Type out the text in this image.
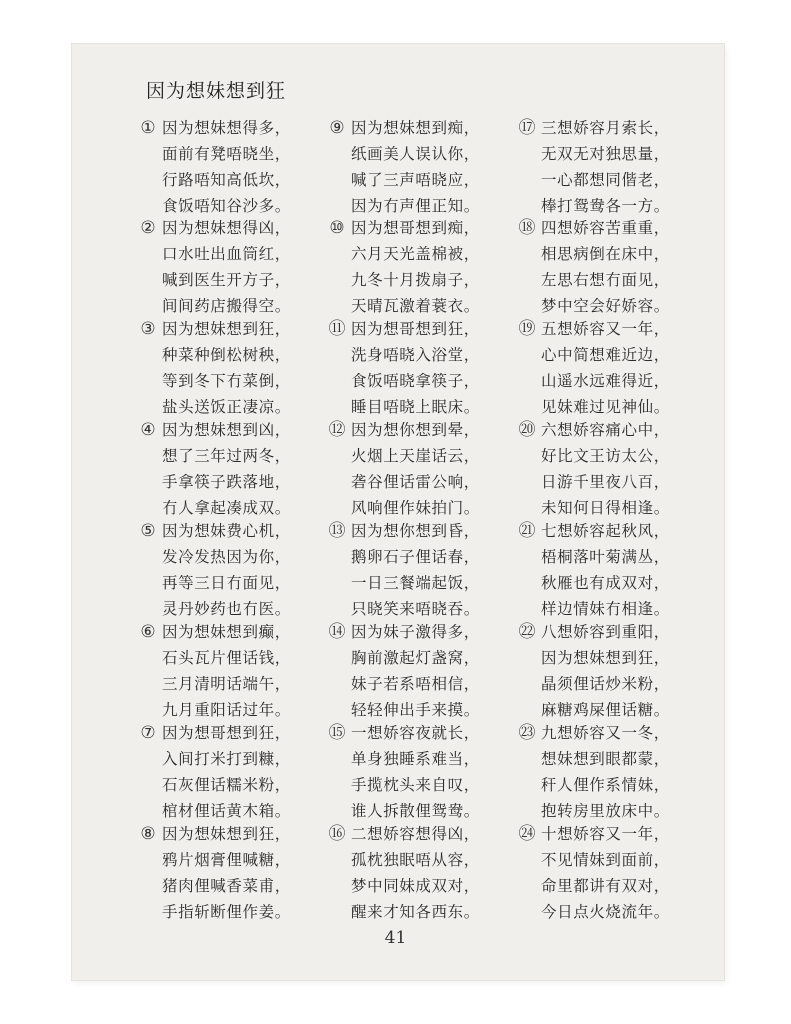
因为想妹想到狂
① 因为想妹想得多，
面前有凳唔晓坐，
行路唔知高低坎，
食饭唔知谷沙多。
② 因为想妹想得凶，
口水吐出血筒红，
喊到医生开方子，
间间药店搬得空。
③ 因为想妹想到狂，
种菜种倒松树秧，
等到冬下冇菜倒，
盐头送饭正凄凉。
④ 因为想妹想到凶，
想了三年过两冬，
手拿筷子跌落地，
冇人拿起凑成双。
⑤ 因为想妹费心机，
发冷发热因为你，
再等三日冇面见，
灵丹妙药也冇医。
⑥ 因为想妹想到癫，
石头瓦片俚话钱，
三月清明话端午，
九月重阳话过年。
⑦ 因为想哥想到狂，
入间打米打到糠，
石灰俚话糯米粉，
棺材俚话黄木箱。
⑧ 因为想妹想到狂，
鸦片烟膏俚喊糖，
猪肉俚喊香菜甫，
手指斩断俚作姜。
⑨ 因为想妹想到痴，
纸画美人误认你，
喊了三声唔晓应，
因为冇声俚正知。
⑩ 因为想哥想到痴，
六月天光盖棉被，
九冬十月拨扇子，
天晴瓦激着蓑衣。
⑪ 因为想哥想到狂，
洗身唔晓入浴堂，
食饭唔晓拿筷子，
睡目唔晓上眠床。
⑫ 因为想你想到晕，
火烟上天崖话云，
砻谷俚话雷公响，
风响俚作妹拍门。
⑬ 因为想你想到昏，
鹅卵石子俚话春，
一日三餐端起饭，
只晓笑来唔晓吞。
⑭ 因为妹子激得多，
胸前激起灯盏窝，
妹子若系唔相信，
轻轻伸出手来摸。
⑮ 一想娇容夜就长，
单身独睡系难当，
手揽枕头来自叹，
谁人拆散俚鸳鸯。
⑯ 二想娇容想得凶，
孤枕独眠唔从容，
梦中同妹成双对，
醒来才知各西东。
⑰ 三想娇容月索长，
无双无对独思量，
一心都想同偕老，
棒打鸳鸯各一方。
⑱ 四想娇容苦重重，
相思病倒在床中，
左思右想冇面见，
梦中空会好娇容。
⑲ 五想娇容又一年，
心中简想难近边，
山遥水远难得近，
见妹难过见神仙。
⑳ 六想娇容痛心中，
好比文王访太公，
日游千里夜八百，
未知何日得相逢。
㉑ 七想娇容起秋风，
梧桐落叶菊满丛，
秋雁也有成双对，
样边情妹冇相逢。
㉒ 八想娇容到重阳，
因为想妹想到狂，
晶须俚话炒米粉，
麻糖鸡屎俚话糖。
㉓ 九想娇容又一冬，
想妹想到眼都蒙，
秆人俚作系情妹，
抱转房里放床中。
㉔ 十想娇容又一年，
不见情妹到面前，
命里都讲有双对，
今日点火烧流年。
41
